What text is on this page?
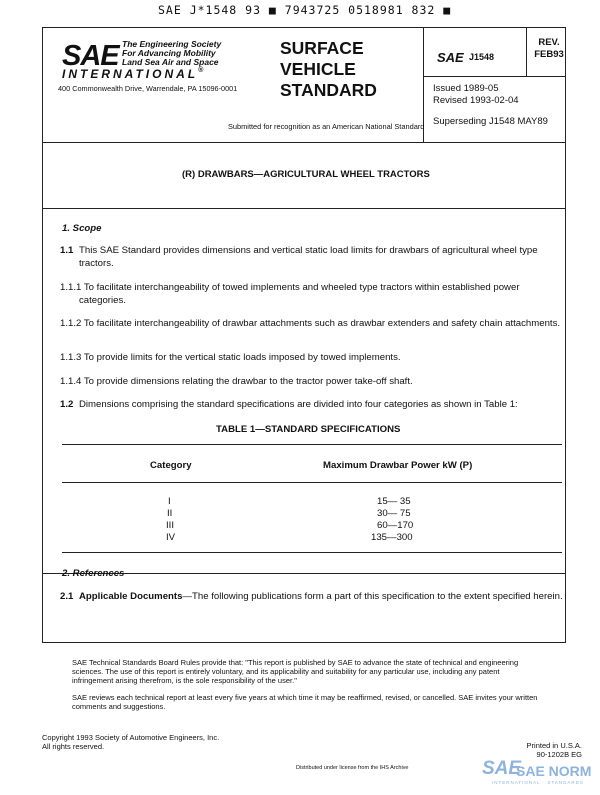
SAE J*1548 93 ■ 7943725 0518981 832 ■
SAE The Engineering Society
For Advancing Mobility
Land Sea Air and Space
INTERNATIONAL®
400 Commonwealth Drive, Warrendale, PA 15096-0001
SURFACE
VEHICLE
STANDARD
Submitted for recognition as an American National Standard
SAE J1548
REV.
FEB93
Issued 1989-05
Revised 1993-02-04
Superseding J1548 MAY89
(R) DRAWBARS—AGRICULTURAL WHEEL TRACTORS
1. Scope
1.1 This SAE Standard provides dimensions and vertical static load limits for drawbars of agricultural wheel type tractors.
1.1.1 To facilitate interchangeability of towed implements and wheeled type tractors within established power categories.
1.1.2 To facilitate interchangeability of drawbar attachments such as drawbar extenders and safety chain attachments.
1.1.3 To provide limits for the vertical static loads imposed by towed implements.
1.1.4 To provide dimensions relating the drawbar to the tractor power take-off shaft.
1.2 Dimensions comprising the standard specifications are divided into four categories as shown in Table 1:
TABLE 1—STANDARD SPECIFICATIONS
Category	Maximum Drawbar Power kW (P)
I	15— 35
II	30— 75
III	60—170
IV	135—300
2. References
2.1 Applicable Documents—The following publications form a part of this specification to the extent specified herein.
SAE Technical Standards Board Rules provide that: "This report is published by SAE to advance the state of technical and engineering sciences. The use of this report is entirely voluntary, and its applicability and suitability for any particular use, including any patent infringement arising therefrom, is the sole responsibility of the user."
SAE reviews each technical report at least every five years at which time it may be reaffirmed, revised, or cancelled. SAE invites your written comments and suggestions.
Copyright 1993 Society of Automotive Engineers, Inc.
All rights reserved.	Printed in U.S.A.
90-1202B EG
Distributed under license from the IHS Archive	SAE
SAE NORM
INTERNATIONAL · STANDARDS
